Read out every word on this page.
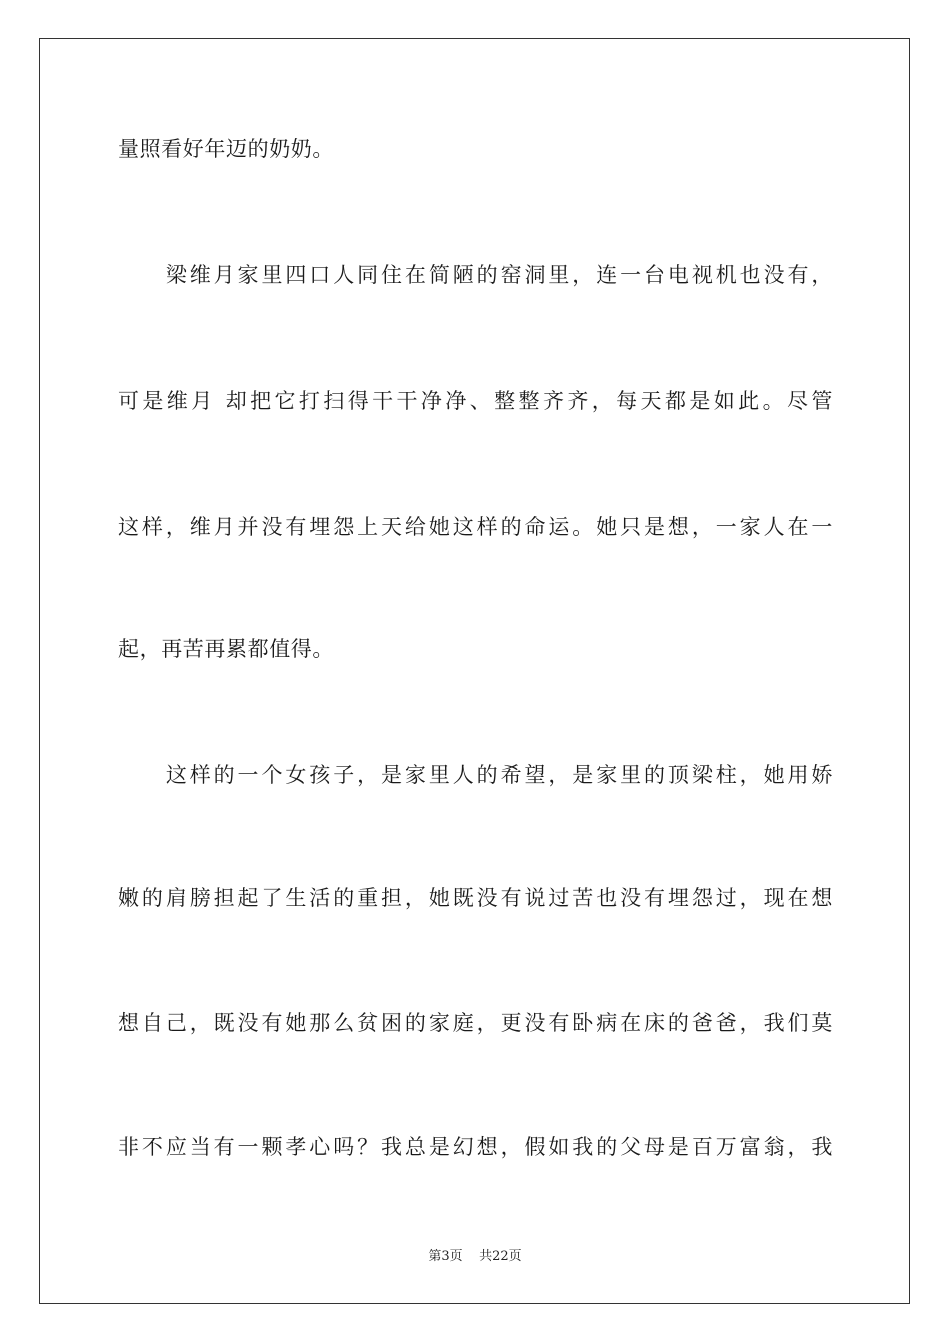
量照看好年迈的奶奶。
　　梁维月家里四口人同住在简陋的窑洞里，连一台电视机也没有，
可是维月 却把它打扫得干干净净、整整齐齐，每天都是如此。尽管
这样，维月并没有埋怨上天给她这样的命运。她只是想，一家人在一
起，再苦再累都值得。
　　这样的一个女孩子，是家里人的希望，是家里的顶梁柱，她用娇
嫩的肩膀担起了生活的重担，她既没有说过苦也没有埋怨过，现在想
想自己，既没有她那么贫困的家庭，更没有卧病在床的爸爸，我们莫
非不应当有一颗孝心吗？我总是幻想，假如我的父母是百万富翁，我
第3页 共22页
